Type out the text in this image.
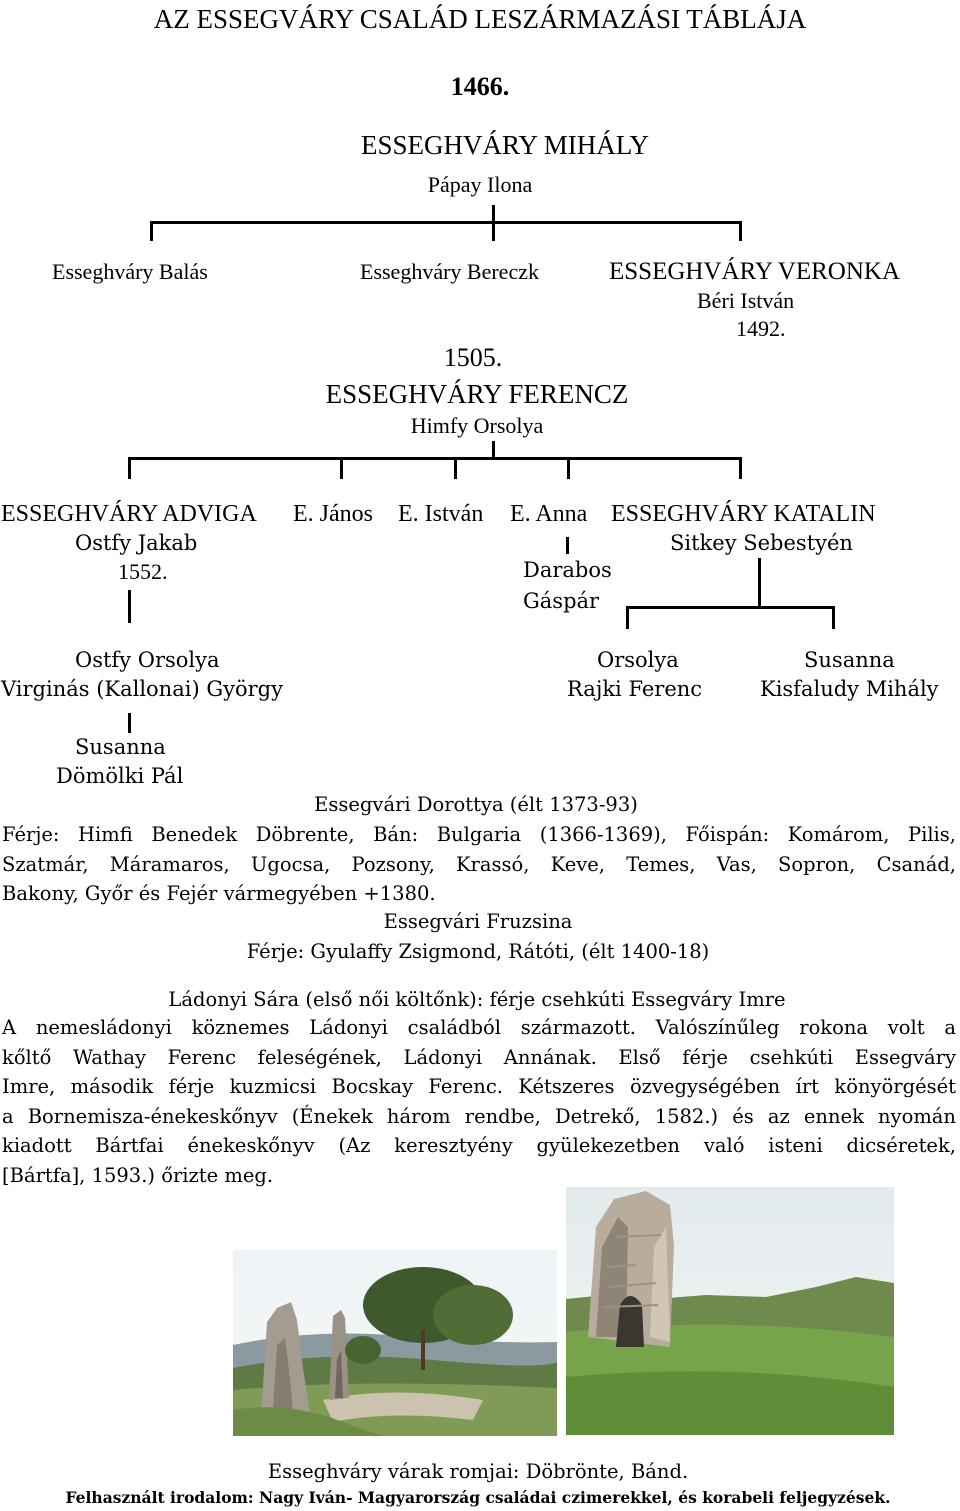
AZ ESSEGVÁRY CSALÁD LESZÁRMAZÁSI TÁBLÁJA
1466.
ESSEGHVÁRY MIHÁLY
Pápay Ilona
Esseghváry Balás	Esseghváry Bereczk	ESSEGHVÁRY VERONKA
Béri István
1492.
1505.
ESSEGHVÁRY FERENCZ
Himfy Orsolya
ESSEGHVÁRY ADVIGA
Ostfy Jakab
1552.
E. János E. István E. Anna
Darabos
Gáspár
ESSEGHVÁRY KATALIN
Sitkey Sebestyén
Ostfy Orsolya
Virginás (Kallonai) György
Orsolya
Rajki Ferenc
Susanna
Kisfaludy Mihály
Susanna
Dömölki Pál
Essegvári Dorottya (élt 1373-93)
Férje: Himfi Benedek Döbrente, Bán: Bulgaria (1366-1369), Főispán: Komárom, Pilis,
Szatmár, Máramaros, Ugocsa, Pozsony, Krassó, Keve, Temes, Vas, Sopron, Csanád,
Bakony, Győr és Fejér vármegyében +1380.
Essegvári Fruzsina
Férje: Gyulaffy Zsigmond, Rátóti, (élt 1400-18)
Ládonyi Sára (első női költőnk): férje csehkúti Essegváry Imre
A nemesládonyi köznemes Ládonyi családból származott. Valószínűleg rokona volt a
kőltő Wathay Ferenc feleségének, Ládonyi Annának. Első férje csehkúti Essegváry
Imre, második férje kuzmicsi Bocskay Ferenc. Kétszeres özvegységében írt könyörgését
a Bornemisza-énekeskőnyv (Énekek három rendbe, Detrekő, 1582.) és az ennek nyomán
kiadott Bártfai énekeskőnyv (Az keresztyény gyülekezetben való isteni dicséretek,
[Bártfa], 1593.) őrizte meg.
Esseghváry várak romjai: Döbrönte, Bánd.
Felhasznált irodalom: Nagy Iván- Magyarország családai czimerekkel, és korabeli feljegyzések.
